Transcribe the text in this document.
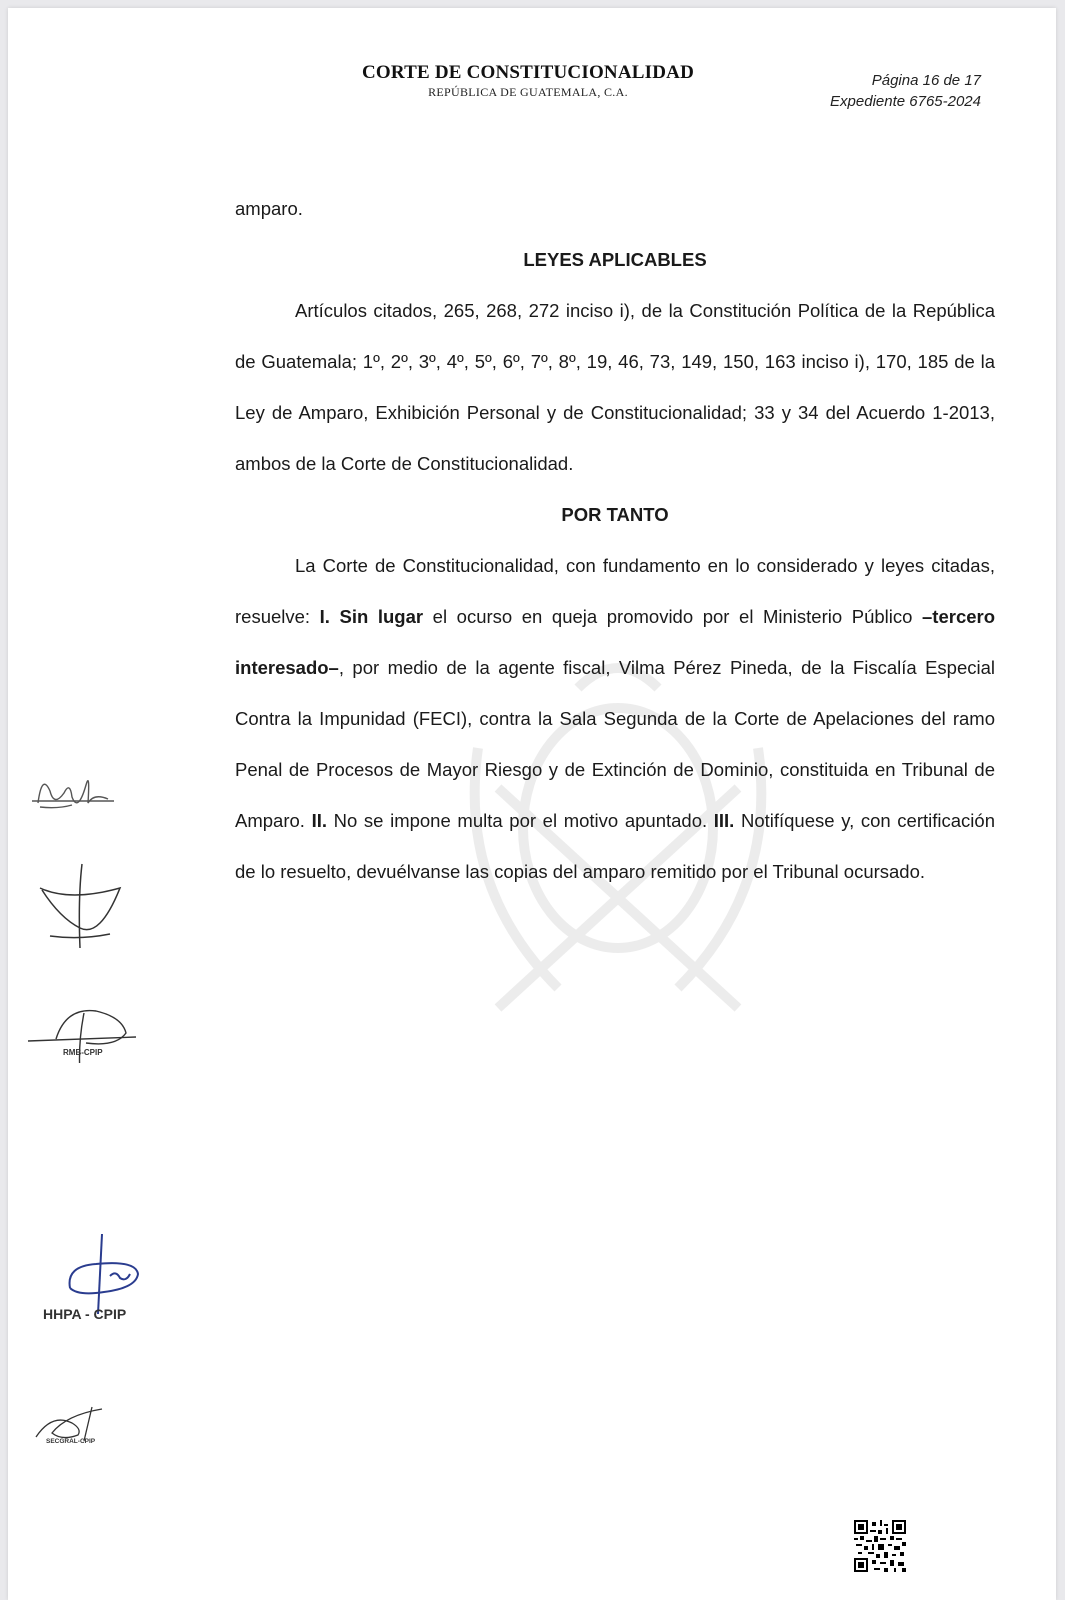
CORTE DE CONSTITUCIONALIDAD
REPÚBLICA DE GUATEMALA, C.A.
Página 16 de 17
Expediente 6765-2024

amparo.

LEYES APLICABLES

Artículos citados, 265, 268, 272 inciso i), de la Constitución Política de la República de Guatemala; 1º, 2º, 3º, 4º, 5º, 6º, 7º, 8º, 19, 46, 73, 149, 150, 163 inciso i), 170, 185 de la Ley de Amparo, Exhibición Personal y de Constitucionalidad; 33 y 34 del Acuerdo 1-2013, ambos de la Corte de Constitucionalidad.

POR TANTO

La Corte de Constitucionalidad, con fundamento en lo considerado y leyes citadas, resuelve: I. Sin lugar el ocurso en queja promovido por el Ministerio Público –tercero interesado–, por medio de la agente fiscal, Vilma Pérez Pineda, de la Fiscalía Especial Contra la Impunidad (FECI), contra la Sala Segunda de la Corte de Apelaciones del ramo Penal de Procesos de Mayor Riesgo y de Extinción de Dominio, constituida en Tribunal de Amparo. II. No se impone multa por el motivo apuntado. III. Notifíquese y, con certificación de lo resuelto, devuélvanse las copias del amparo remitido por el Tribunal ocursado.

RMB-CPIP
HHPA - CPIP
SECGRAL-CPIP
